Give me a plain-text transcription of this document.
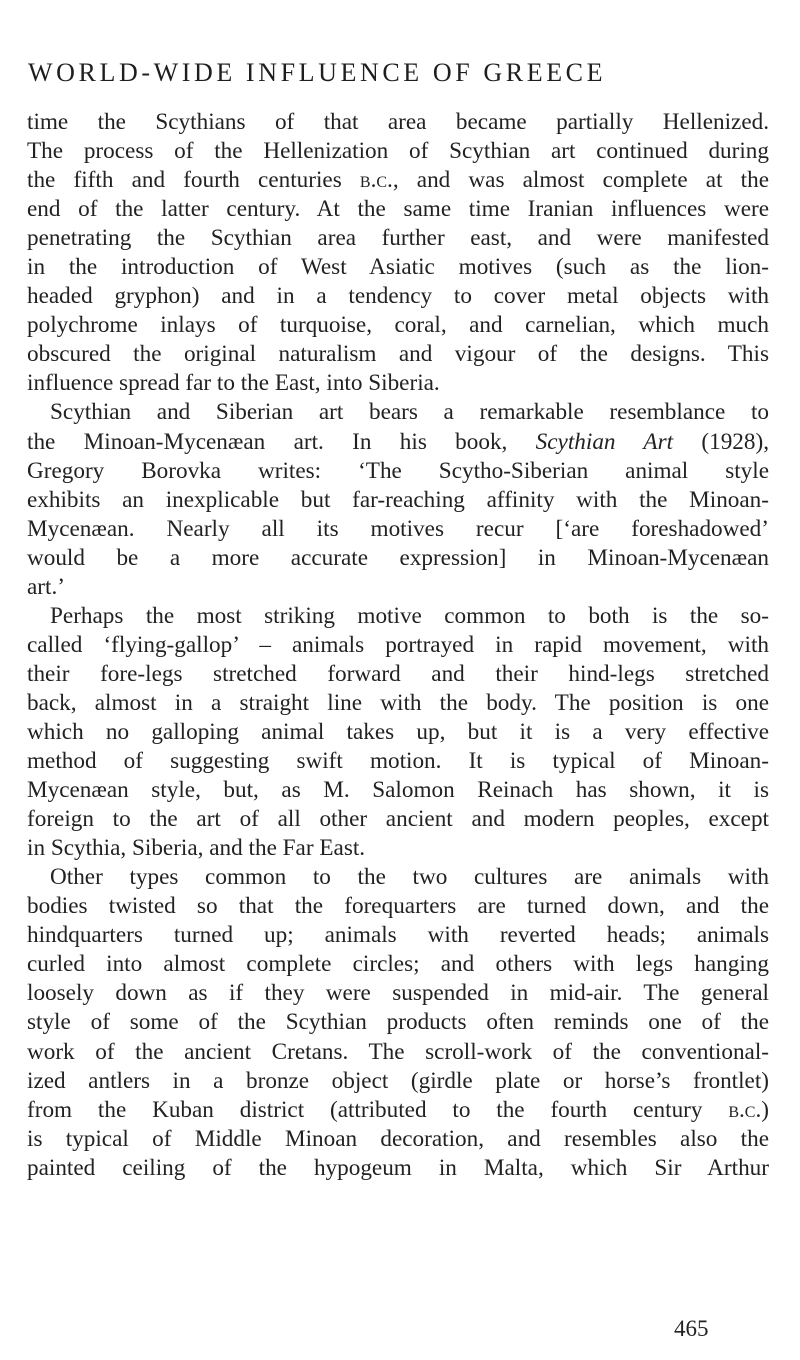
WORLD-WIDE INFLUENCE OF GREECE

time the Scythians of that area became partially Hellenized.
The process of the Hellenization of Scythian art continued during
the fifth and fourth centuries b.c., and was almost complete at the
end of the latter century. At the same time Iranian influences were
penetrating the Scythian area further east, and were manifested
in the introduction of West Asiatic motives (such as the lion-
headed gryphon) and in a tendency to cover metal objects with
polychrome inlays of turquoise, coral, and carnelian, which much
obscured the original naturalism and vigour of the designs. This
influence spread far to the East, into Siberia.

Scythian and Siberian art bears a remarkable resemblance to
the Minoan-Mycenæan art. In his book, Scythian Art (1928),
Gregory Borovka writes: ‘The Scytho-Siberian animal style
exhibits an inexplicable but far-reaching affinity with the Minoan-
Mycenæan. Nearly all its motives recur [‘are foreshadowed’
would be a more accurate expression] in Minoan-Mycenæan
art.’

Perhaps the most striking motive common to both is the so-
called ‘flying-gallop’ – animals portrayed in rapid movement, with
their fore-legs stretched forward and their hind-legs stretched
back, almost in a straight line with the body. The position is one
which no galloping animal takes up, but it is a very effective
method of suggesting swift motion. It is typical of Minoan-
Mycenæan style, but, as M. Salomon Reinach has shown, it is
foreign to the art of all other ancient and modern peoples, except
in Scythia, Siberia, and the Far East.

Other types common to the two cultures are animals with
bodies twisted so that the forequarters are turned down, and the
hindquarters turned up; animals with reverted heads; animals
curled into almost complete circles; and others with legs hanging
loosely down as if they were suspended in mid-air. The general
style of some of the Scythian products often reminds one of the
work of the ancient Cretans. The scroll-work of the conventional-
ized antlers in a bronze object (girdle plate or horse’s frontlet)
from the Kuban district (attributed to the fourth century b.c.)
is typical of Middle Minoan decoration, and resembles also the
painted ceiling of the hypogeum in Malta, which Sir Arthur

465
